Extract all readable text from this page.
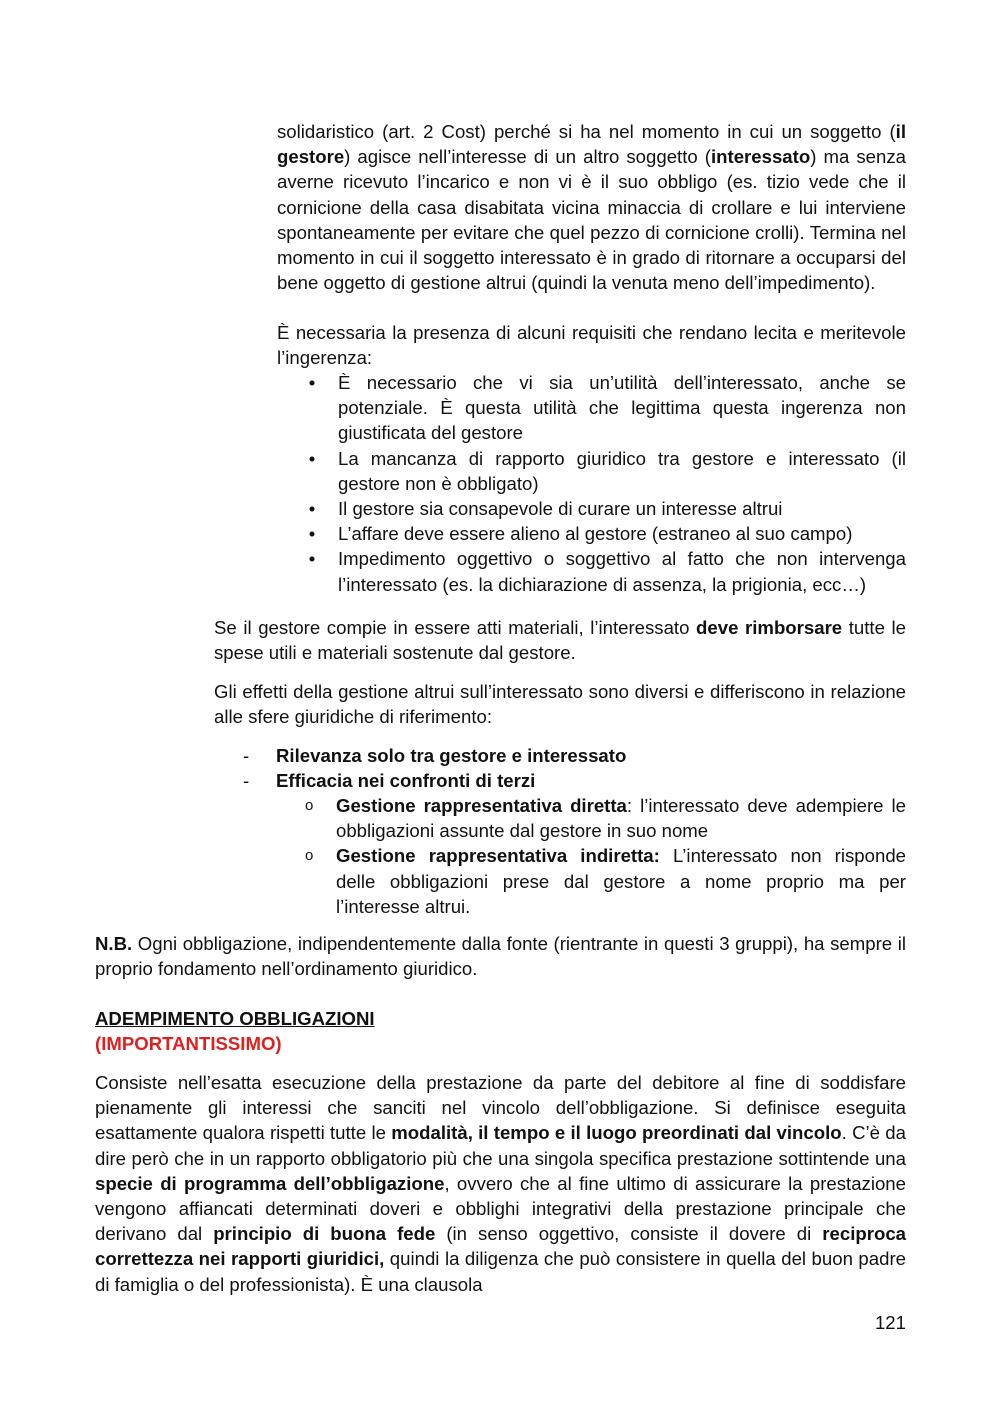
solidaristico (art. 2 Cost) perché si ha nel momento in cui un soggetto (il gestore) agisce nell’interesse di un altro soggetto (interessato) ma senza averne ricevuto l’incarico e non vi è il suo obbligo (es. tizio vede che il cornicione della casa disabitata vicina minaccia di crollare e lui interviene spontaneamente per evitare che quel pezzo di cornicione crolli). Termina nel momento in cui il soggetto interessato è in grado di ritornare a occuparsi del bene oggetto di gestione altrui (quindi la venuta meno dell’impedimento).

È necessaria la presenza di alcuni requisiti che rendano lecita e meritevole l’ingerenza:

• È necessario che vi sia un’utilità dell’interessato, anche se potenziale. È questa utilità che legittima questa ingerenza non giustificata del gestore
• La mancanza di rapporto giuridico tra gestore e interessato (il gestore non è obbligato)
• Il gestore sia consapevole di curare un interesse altrui
• L’affare deve essere alieno al gestore (estraneo al suo campo)
• Impedimento oggettivo o soggettivo al fatto che non intervenga l’interessato (es. la dichiarazione di assenza, la prigionia, ecc…)

Se il gestore compie in essere atti materiali, l’interessato deve rimborsare tutte le spese utili e materiali sostenute dal gestore.

Gli effetti della gestione altrui sull’interessato sono diversi e differiscono in relazione alle sfere giuridiche di riferimento:

- Rilevanza solo tra gestore e interessato
- Efficacia nei confronti di terzi
o Gestione rappresentativa diretta: l’interessato deve adempiere le obbligazioni assunte dal gestore in suo nome
o Gestione rappresentativa indiretta: L’interessato non risponde delle obbligazioni prese dal gestore a nome proprio ma per l’interesse altrui.

N.B. Ogni obbligazione, indipendentemente dalla fonte (rientrante in questi 3 gruppi), ha sempre il proprio fondamento nell’ordinamento giuridico.

ADEMPIMENTO OBBLIGAZIONI
(IMPORTANTISSIMO)

Consiste nell’esatta esecuzione della prestazione da parte del debitore al fine di soddisfare pienamente gli interessi che sanciti nel vincolo dell’obbligazione. Si definisce eseguita esattamente qualora rispetti tutte le modalità, il tempo e il luogo preordinati dal vincolo. C’è da dire però che in un rapporto obbligatorio più che una singola specifica prestazione sottintende una specie di programma dell’obbligazione, ovvero che al fine ultimo di assicurare la prestazione vengono affiancati determinati doveri e obblighi integrativi della prestazione principale che derivano dal principio di buona fede (in senso oggettivo, consiste il dovere di reciproca correttezza nei rapporti giuridici, quindi la diligenza che può consistere in quella del buon padre di famiglia o del professionista). È una clausola

121
